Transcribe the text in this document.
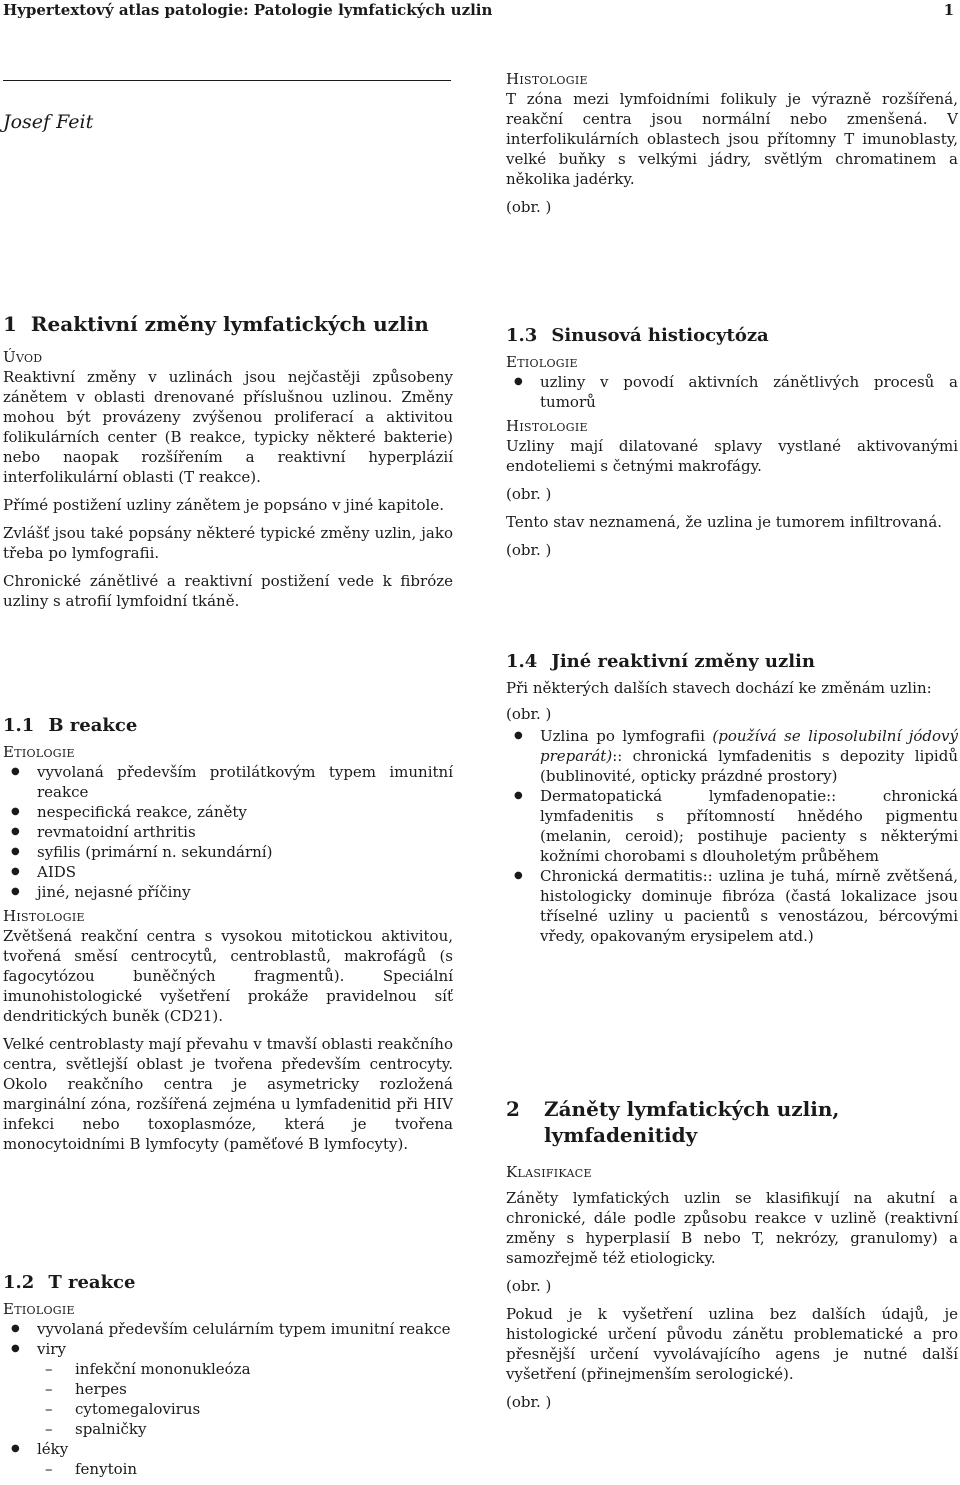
Hypertextový atlas patologie: Patologie lymfatických uzlin	1
Josef Feit
Histologie

T zóna mezi lymfoidními folikuly je výrazně rozšířená, reakční centra jsou normální nebo zmenšená. V interfolikulárních oblastech jsou přítomny T imunoblasty, velké buňky s velkými jádry, světlým chromatinem a několika jadérky.

(obr. )

1 Reaktivní změny lymfatických uzlin
Úvod

Reaktivní změny v uzlinách jsou nejčastěji způsobeny zánětem v oblasti drenované příslušnou uzlinou. Změny mohou být provázeny zvýšenou proliferací a aktivitou folikulárních center (B reakce, typicky některé bakterie) nebo naopak rozšířením a reaktivní hyperplázií interfolikulární oblasti (T reakce).

Přímé postižení uzliny zánětem je popsáno v jiné kapitole.

Zvlášť jsou také popsány některé typické změny uzlin, jako třeba po lymfografii.

Chronické zánětlivé a reaktivní postižení vede k fibróze uzliny s atrofií lymfoidní tkáně.

1.1 B reakce
Etiologie
● vyvolaná především protilátkovým typem imunitní reakce
● nespecifická reakce, záněty
● revmatoidní arthritis
● syfilis (primární n. sekundární)
● AIDS
● jiné, nejasné příčiny
Histologie

Zvětšená reakční centra s vysokou mitotickou aktivitou, tvořená směsí centrocytů, centroblastů, makrofágů (s fagocytózou buněčných fragmentů). Speciální imunohistologické vyšetření prokáže pravidelnou síť dendritických buněk (CD21).

Velké centroblasty mají převahu v tmavší oblasti reakčního centra, světlejší oblast je tvořena především centrocyty. Okolo reakčního centra je asymetricky rozložená marginální zóna, rozšířená zejména u lymfadenitid při HIV infekci nebo toxoplasmóze, která je tvořena monocytoidními B lymfocyty (paměťové B lymfocyty).

1.2 T reakce
Etiologie
● vyvolaná především celulárním typem imunitní reakce
● viry
– infekční mononukleóza
– herpes
– cytomegalovirus
– spalničky
● léky
– fenytoin
1.3 Sinusová histiocytóza
Etiologie
● uzliny v povodí aktivních zánětlivých procesů a tumorů
Histologie

Uzliny mají dilatované splavy vystlané aktivovanými endoteliemi s četnými makrofágy.

(obr. )

Tento stav neznamená, že uzlina je tumorem infiltrovaná.

(obr. )

1.4 Jiné reaktivní změny uzlin

Při některých dalších stavech dochází ke změnám uzlin:

(obr. )

● Uzlina po lymfografii (používá se liposolubilní jódový preparát):: chronická lymfadenitis s depozity lipidů (bublinovité, opticky prázdné prostory)
● Dermatopatická lymfadenopatie:: chronická lymfadenitis s přítomností hnědého pigmentu (melanin, ceroid); postihuje pacienty s některými kožními chorobami s dlouholetým průběhem
● Chronická dermatitis:: uzlina je tuhá, mírně zvětšená, histologicky dominuje fibróza (častá lokalizace jsou tříselné uzliny u pacientů s venostázou, bércovými vředy, opakovaným erysipelem atd.)
2	Záněty lymfatických uzlin, lymfadenitidy
Klasifikace

Záněty lymfatických uzlin se klasifikují na akutní a chronické, dále podle způsobu reakce v uzlině (reaktivní změny s hyperplasií B nebo T, nekrózy, granulomy) a samozřejmě též etiologicky.

(obr. )

Pokud je k vyšetření uzlina bez dalších údajů, je histologické určení původu zánětu problematické a pro přesnější určení vyvolávajícího agens je nutné další vyšetření (přinejmenším serologické).

(obr. )
